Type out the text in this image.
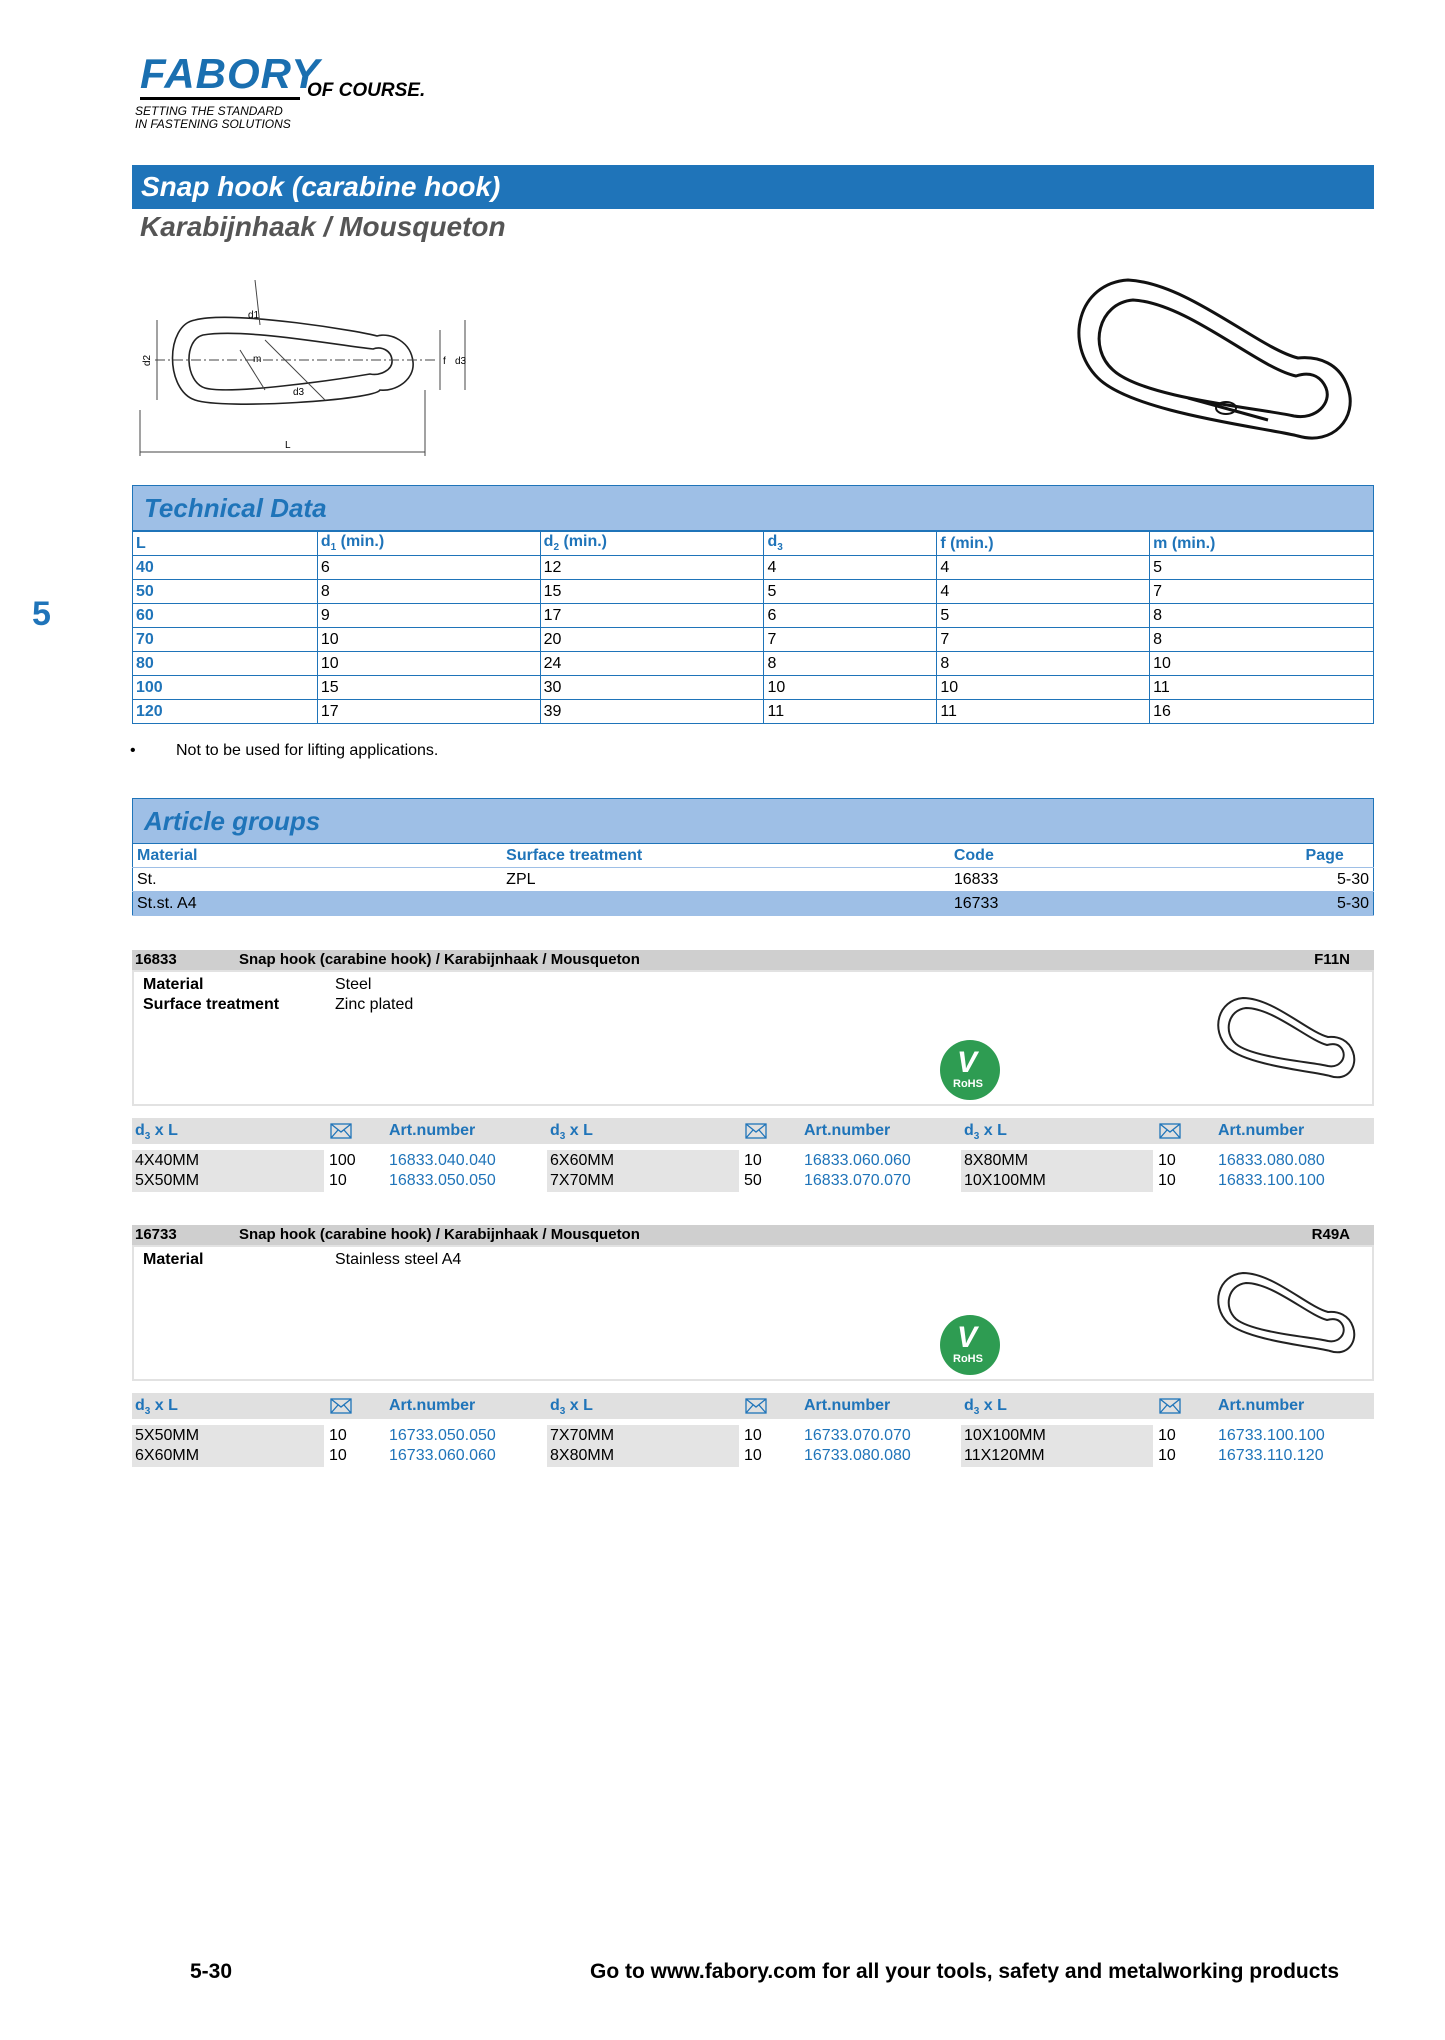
FABORY
OF COURSE.
SETTING THE STANDARD
IN FASTENING SOLUTIONS
Snap hook (carabine hook)
Karabijnhaak / Mousqueton
5
d2
d1
m
d3
f d3
L
Technical Data
L	$d_1$ (min.)	$d_2$ (min.)	$d_3$	f (min.)	m (min.)
40	6	12	4	4	5
50	8	15	5	4	7
60	9	17	6	5	8
70	10	20	7	7	8
80	10	24	8	8	10
100	15	30	10	10	11
120	17	39	11	11	16
•	Not to be used for lifting applications.
Article groups
Material	Surface treatment	Code	Page
St.	ZPL	16833	5-30
St.st. A4		16733	5-30
16833	Snap hook (carabine hook) / Karabijnhaak / Mousqueton	F11N
Material	Steel
Surface treatment	Zinc plated
V
RoHS
$d_3$ x L	Art.number
4X40MM	100 16833.040.040
5X50MM	10	16833.050.050
$d_3$ x L	Art.number
6X60MM	10	16833.060.060
7X70MM	50	16833.070.070
$d_3$ x L	Art.number
8X80MM	10	16833.080.080
10X100MM	10	16833.100.100
16733	Snap hook (carabine hook) / Karabijnhaak / Mousqueton	R49A
Material	Stainless steel A4
V
RoHS
$d_3$ x L	Art.number
5X50MM	10	16733.050.050
6X60MM	10	16733.060.060
$d_3$ x L	Art.number
7X70MM	10	16733.070.070
8X80MM	10	16733.080.080
$d_3$ x L	Art.number
10X100MM	10	16733.100.100
11X120MM	10	16733.110.120
5-30	Go to www.fabory.com for all your tools, safety and metalworking products
